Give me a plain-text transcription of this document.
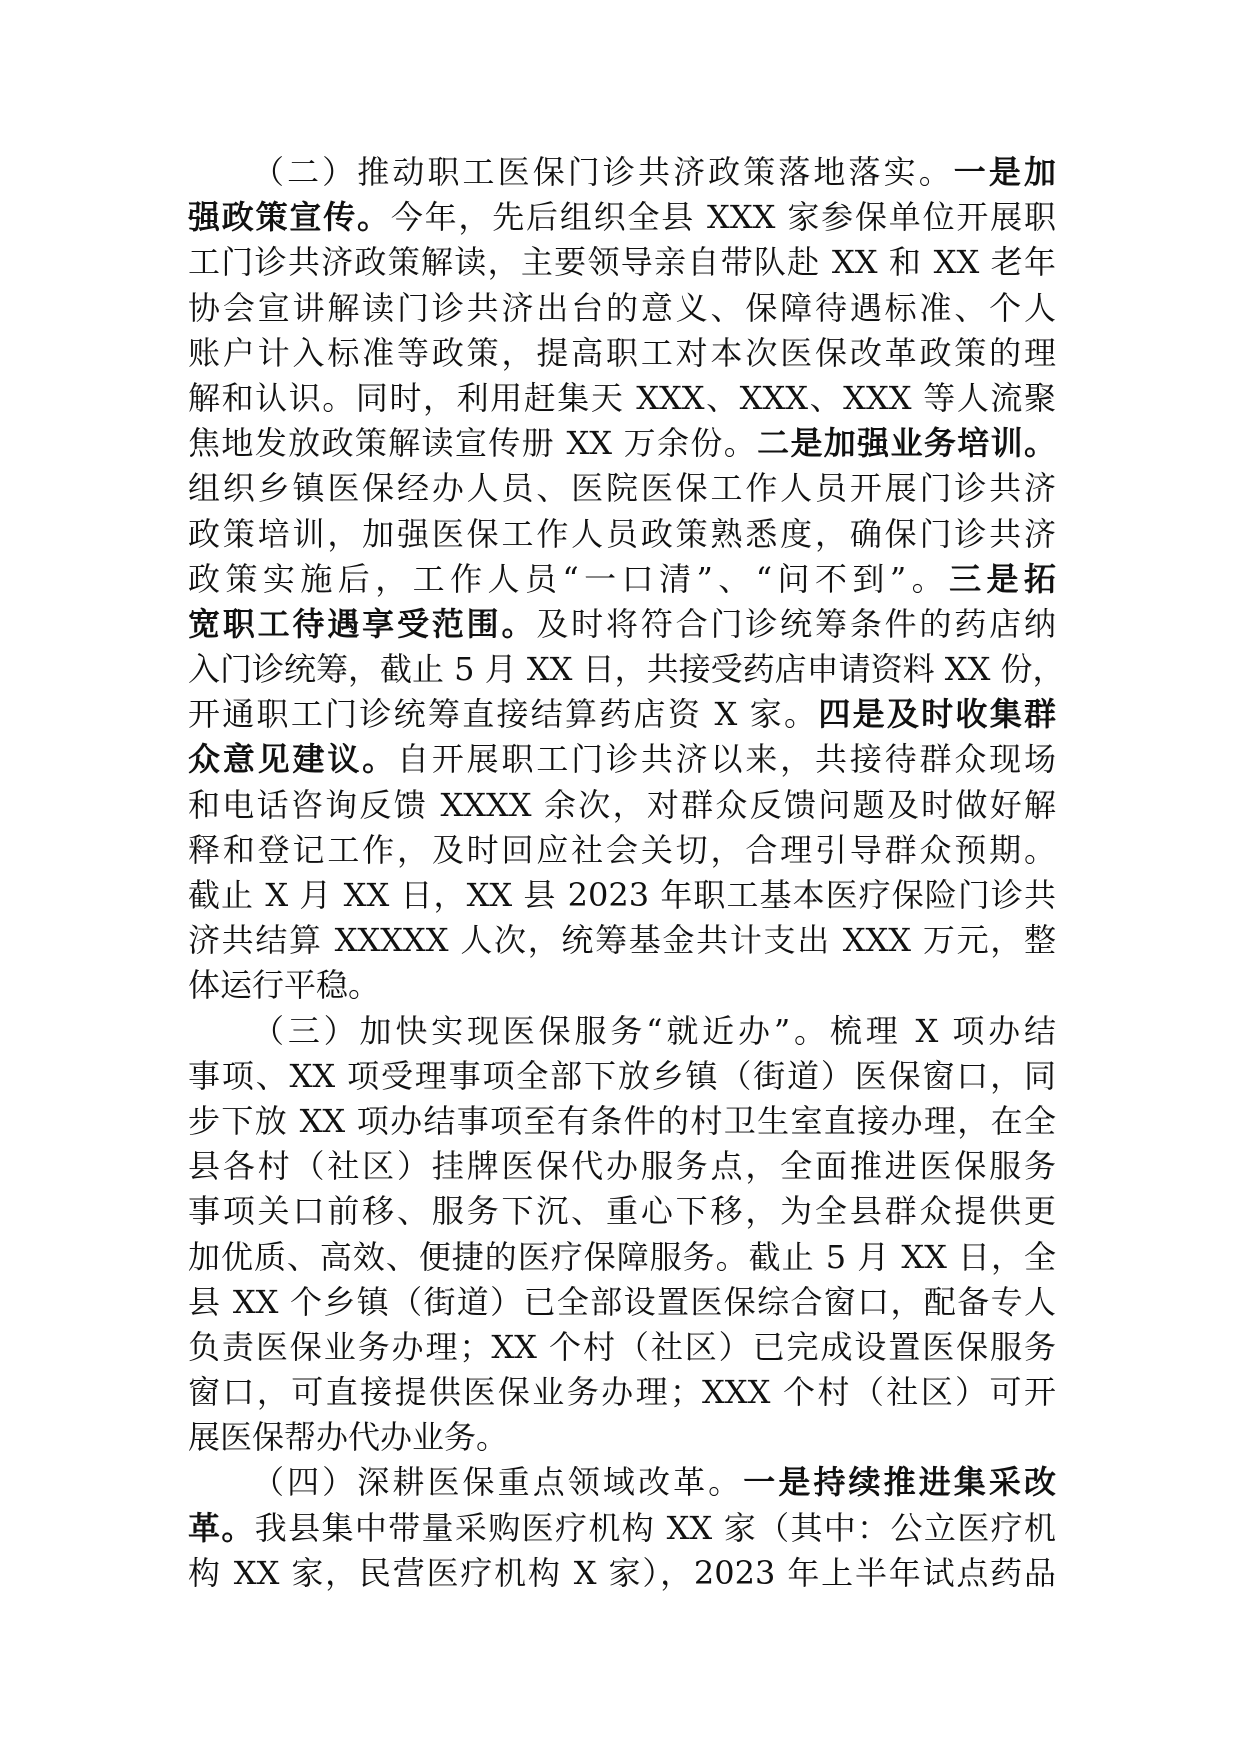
（二）推动职工医保门诊共济政策落地落实。一是加
强政策宣传。今年，先后组织全县 XXX 家参保单位开展职
工门诊共济政策解读，主要领导亲自带队赴 XX 和 XX 老年
协会宣讲解读门诊共济出台的意义、保障待遇标准、个人
账户计入标准等政策，提高职工对本次医保改革政策的理
解和认识。同时，利用赶集天 XXX、XXX、XXX 等人流聚
焦地发放政策解读宣传册 XX 万余份。二是加强业务培训。
组织乡镇医保经办人员、医院医保工作人员开展门诊共济
政策培训，加强医保工作人员政策熟悉度，确保门诊共济
政策实施后，工作人员“一口清”、“问不到”。三是拓
宽职工待遇享受范围。及时将符合门诊统筹条件的药店纳
入门诊统筹，截止 5 月 XX 日，共接受药店申请资料 XX 份，
开通职工门诊统筹直接结算药店资 X 家。四是及时收集群
众意见建议。自开展职工门诊共济以来，共接待群众现场
和电话咨询反馈 XXXX 余次，对群众反馈问题及时做好解
释和登记工作，及时回应社会关切，合理引导群众预期。
截止 X 月 XX 日，XX 县 2023 年职工基本医疗保险门诊共
济共结算 XXXXX 人次，统筹基金共计支出 XXX 万元，整
体运行平稳。
（三）加快实现医保服务“就近办”。梳理 X 项办结
事项、XX 项受理事项全部下放乡镇（街道）医保窗口，同
步下放 XX 项办结事项至有条件的村卫生室直接办理，在全
县各村（社区）挂牌医保代办服务点，全面推进医保服务
事项关口前移、服务下沉、重心下移，为全县群众提供更
加优质、高效、便捷的医疗保障服务。截止 5 月 XX 日，全
县 XX 个乡镇（街道）已全部设置医保综合窗口，配备专人
负责医保业务办理；XX 个村（社区）已完成设置医保服务
窗口，可直接提供医保业务办理；XXX 个村（社区）可开
展医保帮办代办业务。
（四）深耕医保重点领域改革。一是持续推进集采改
革。我县集中带量采购医疗机构 XX 家（其中：公立医疗机
构 XX 家，民营医疗机构 X 家），2023 年上半年试点药品
